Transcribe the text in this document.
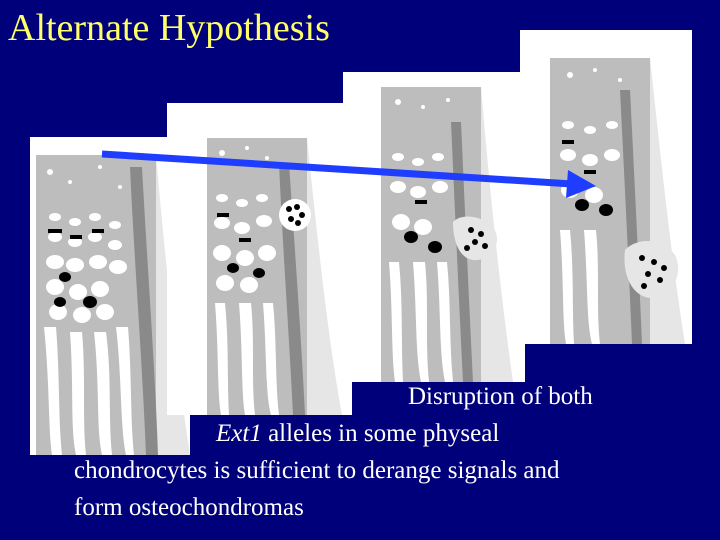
Alternate Hypothesis
Disruption of both
Ext1 alleles in some physeal
chondrocytes is sufficient to derange signals and
form osteochondromas
